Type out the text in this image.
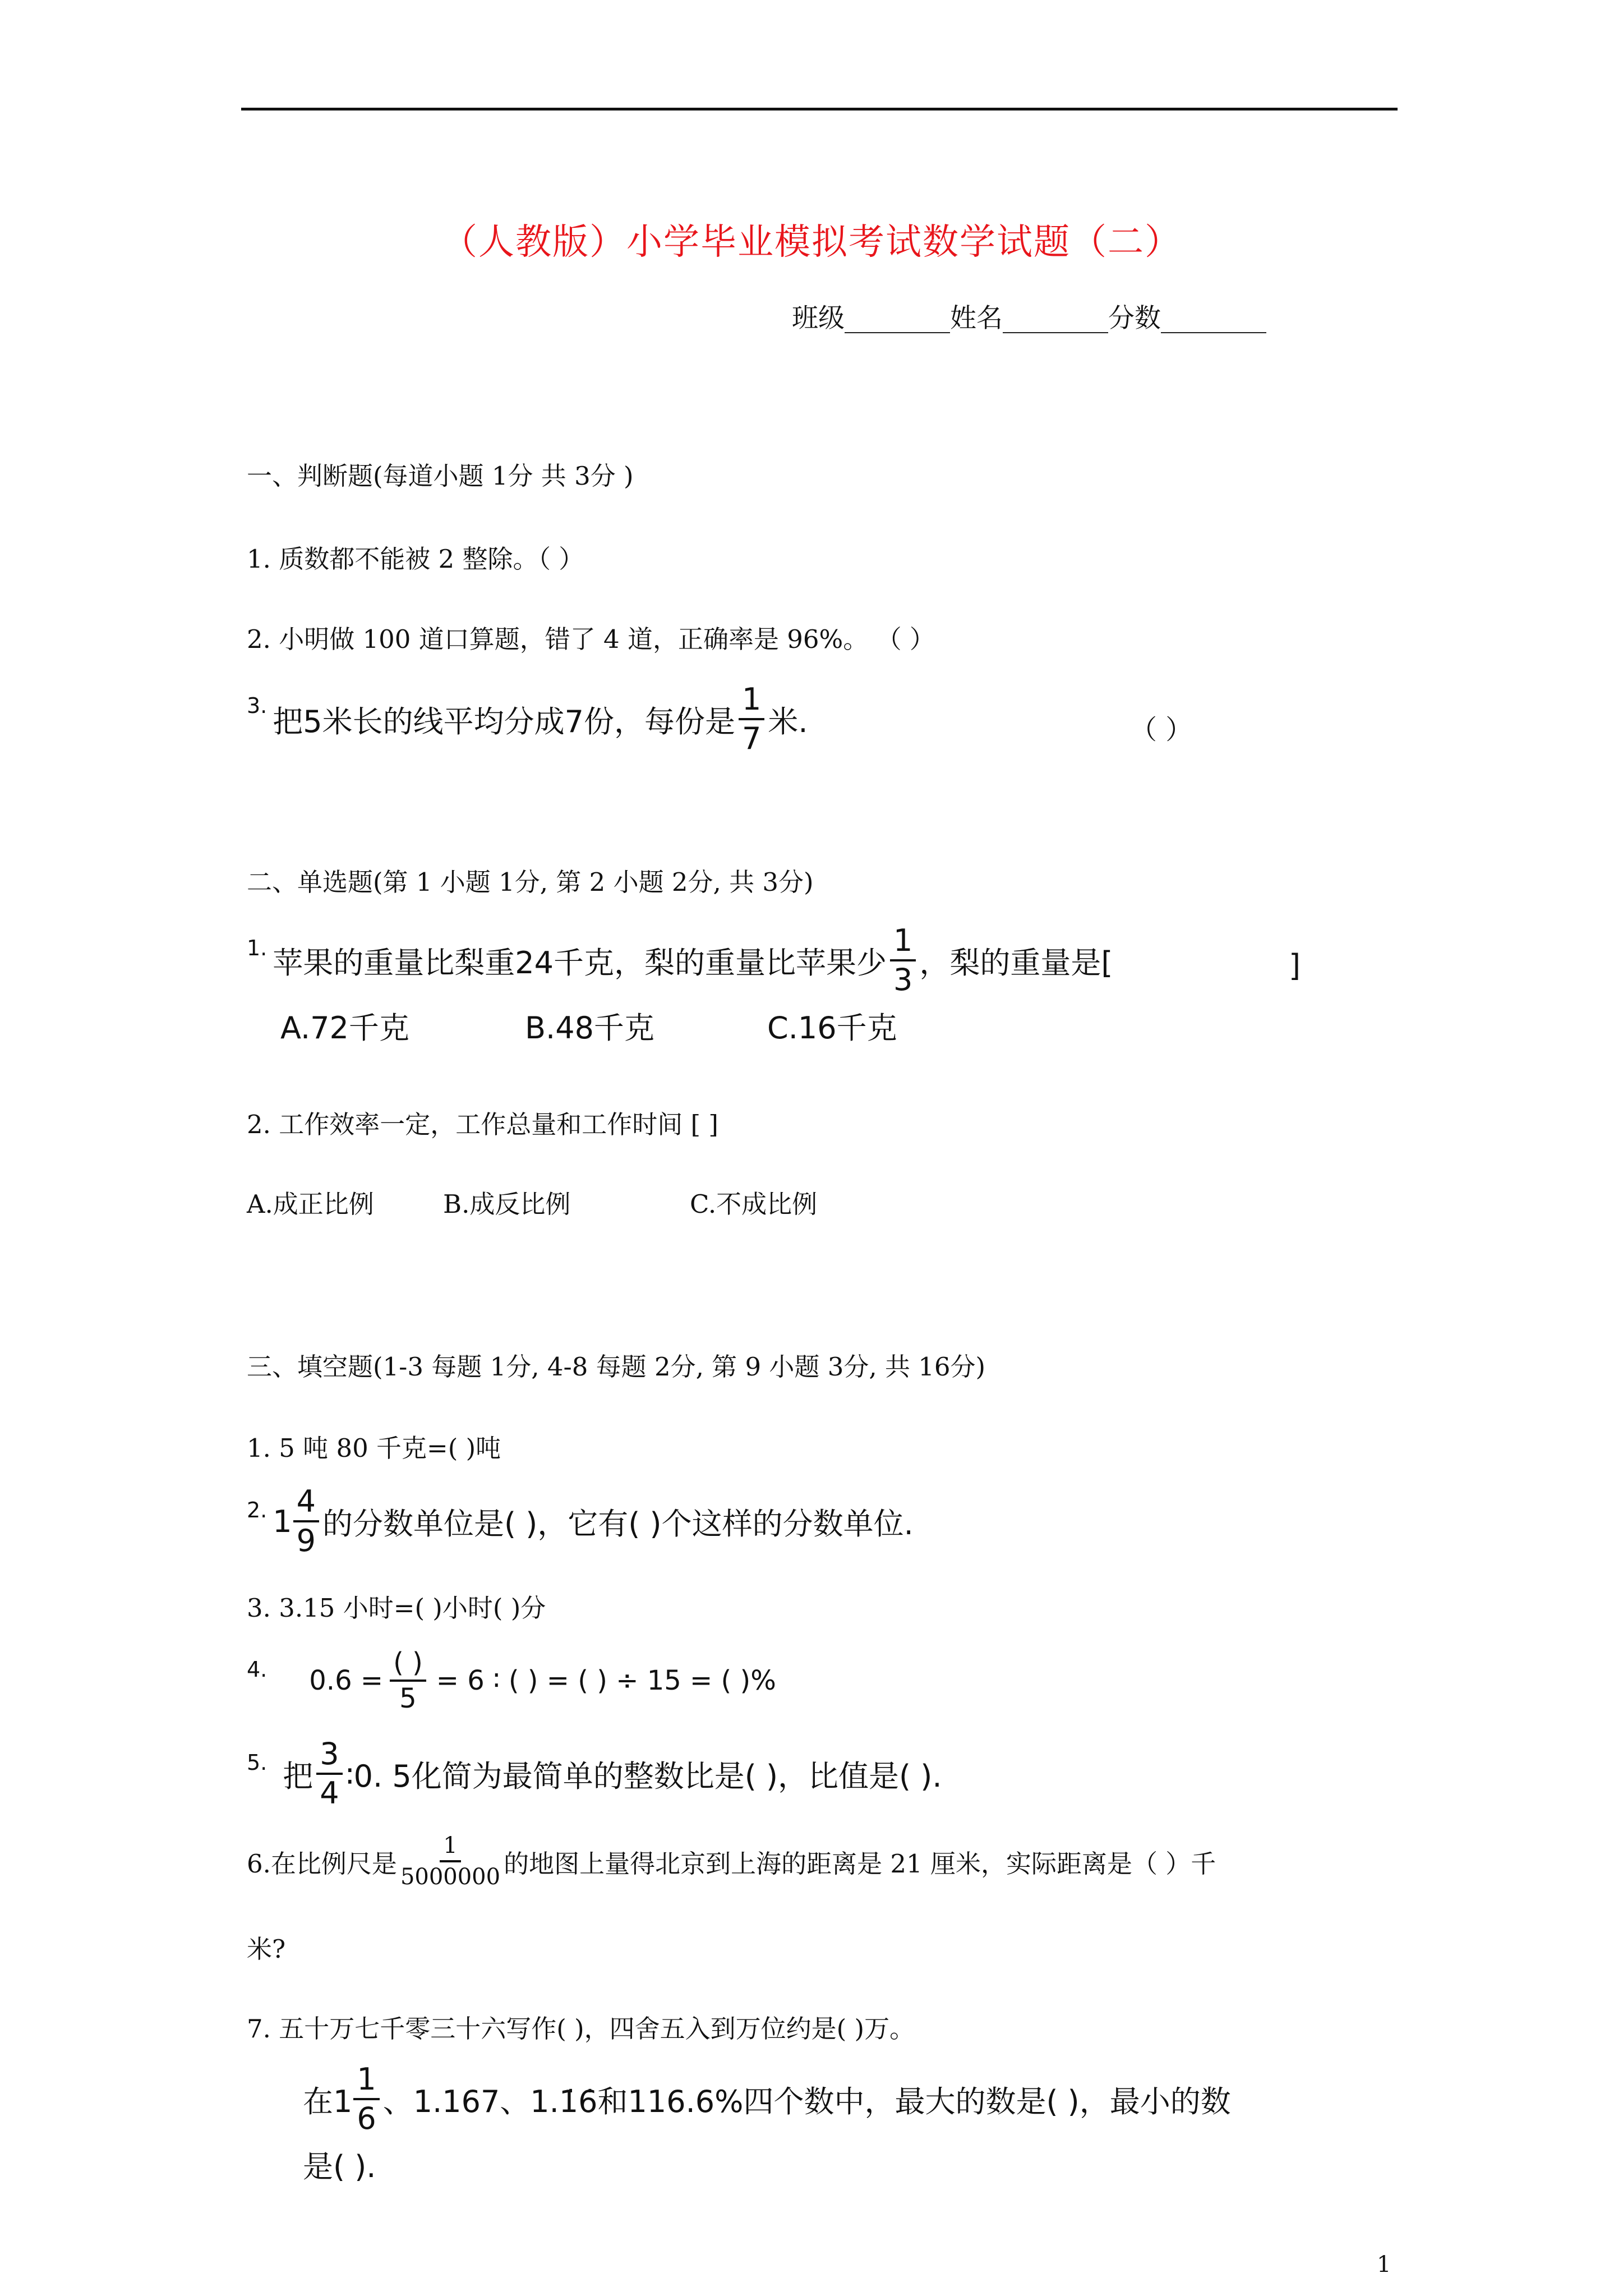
（人教版）小学毕业模拟考试数学试题（二）
班级________姓名________分数________
一、判断题(每道小题 1分 共 3分 )
1. 质数都不能被 2 整除。（ ）
2. 小明做 100 道口算题，错了 4 道，正确率是 96%。 （ ）
3. 把5米长的线平均分成7份，每份是 $\frac{1}{7}$ 米.	（ ）
二、单选题(第 1 小题 1分, 第 2 小题 2分, 共 3分)
1. 苹果的重量比梨重24千克，梨的重量比苹果少 $\frac{1}{3}$ ，梨的重量是[	]
A.72千克	B.48千克	C.16千克
2. 工作效率一定，工作总量和工作时间 [ ]
A.成正比例	B.成反比例	C.不成比例
三、填空题(1-3 每题 1分, 4-8 每题 2分, 第 9 小题 3分, 共 16分)
1. 5 吨 80 千克=( )吨
2. $1 \frac{4}{9}$ 的分数单位是( )，它有( )个这样的分数单位.
3. 3.15 小时=( )小时( )分
4. $0.6 = \frac{( )}{5} = 6$ ∶ ( ) = ( ) ÷ 15 = ( )%
5. 把 $\frac{3}{4}$ ∶0. 5化简为最简单的整数比是( )，比值是( ).
6.在比例尺是 $\frac{1}{5000000}$ 的地图上量得北京到上海的距离是 21 厘米，实际距离是（ ）千
米?
7. 五十万七千零三十六写作( )，四舍五入到万位约是( )万。
在$1 \frac{1}{6}$ 、1.167、1.1̇6̇和116.6%四个数中，最大的数是( )，最小的数
是( ).
1
